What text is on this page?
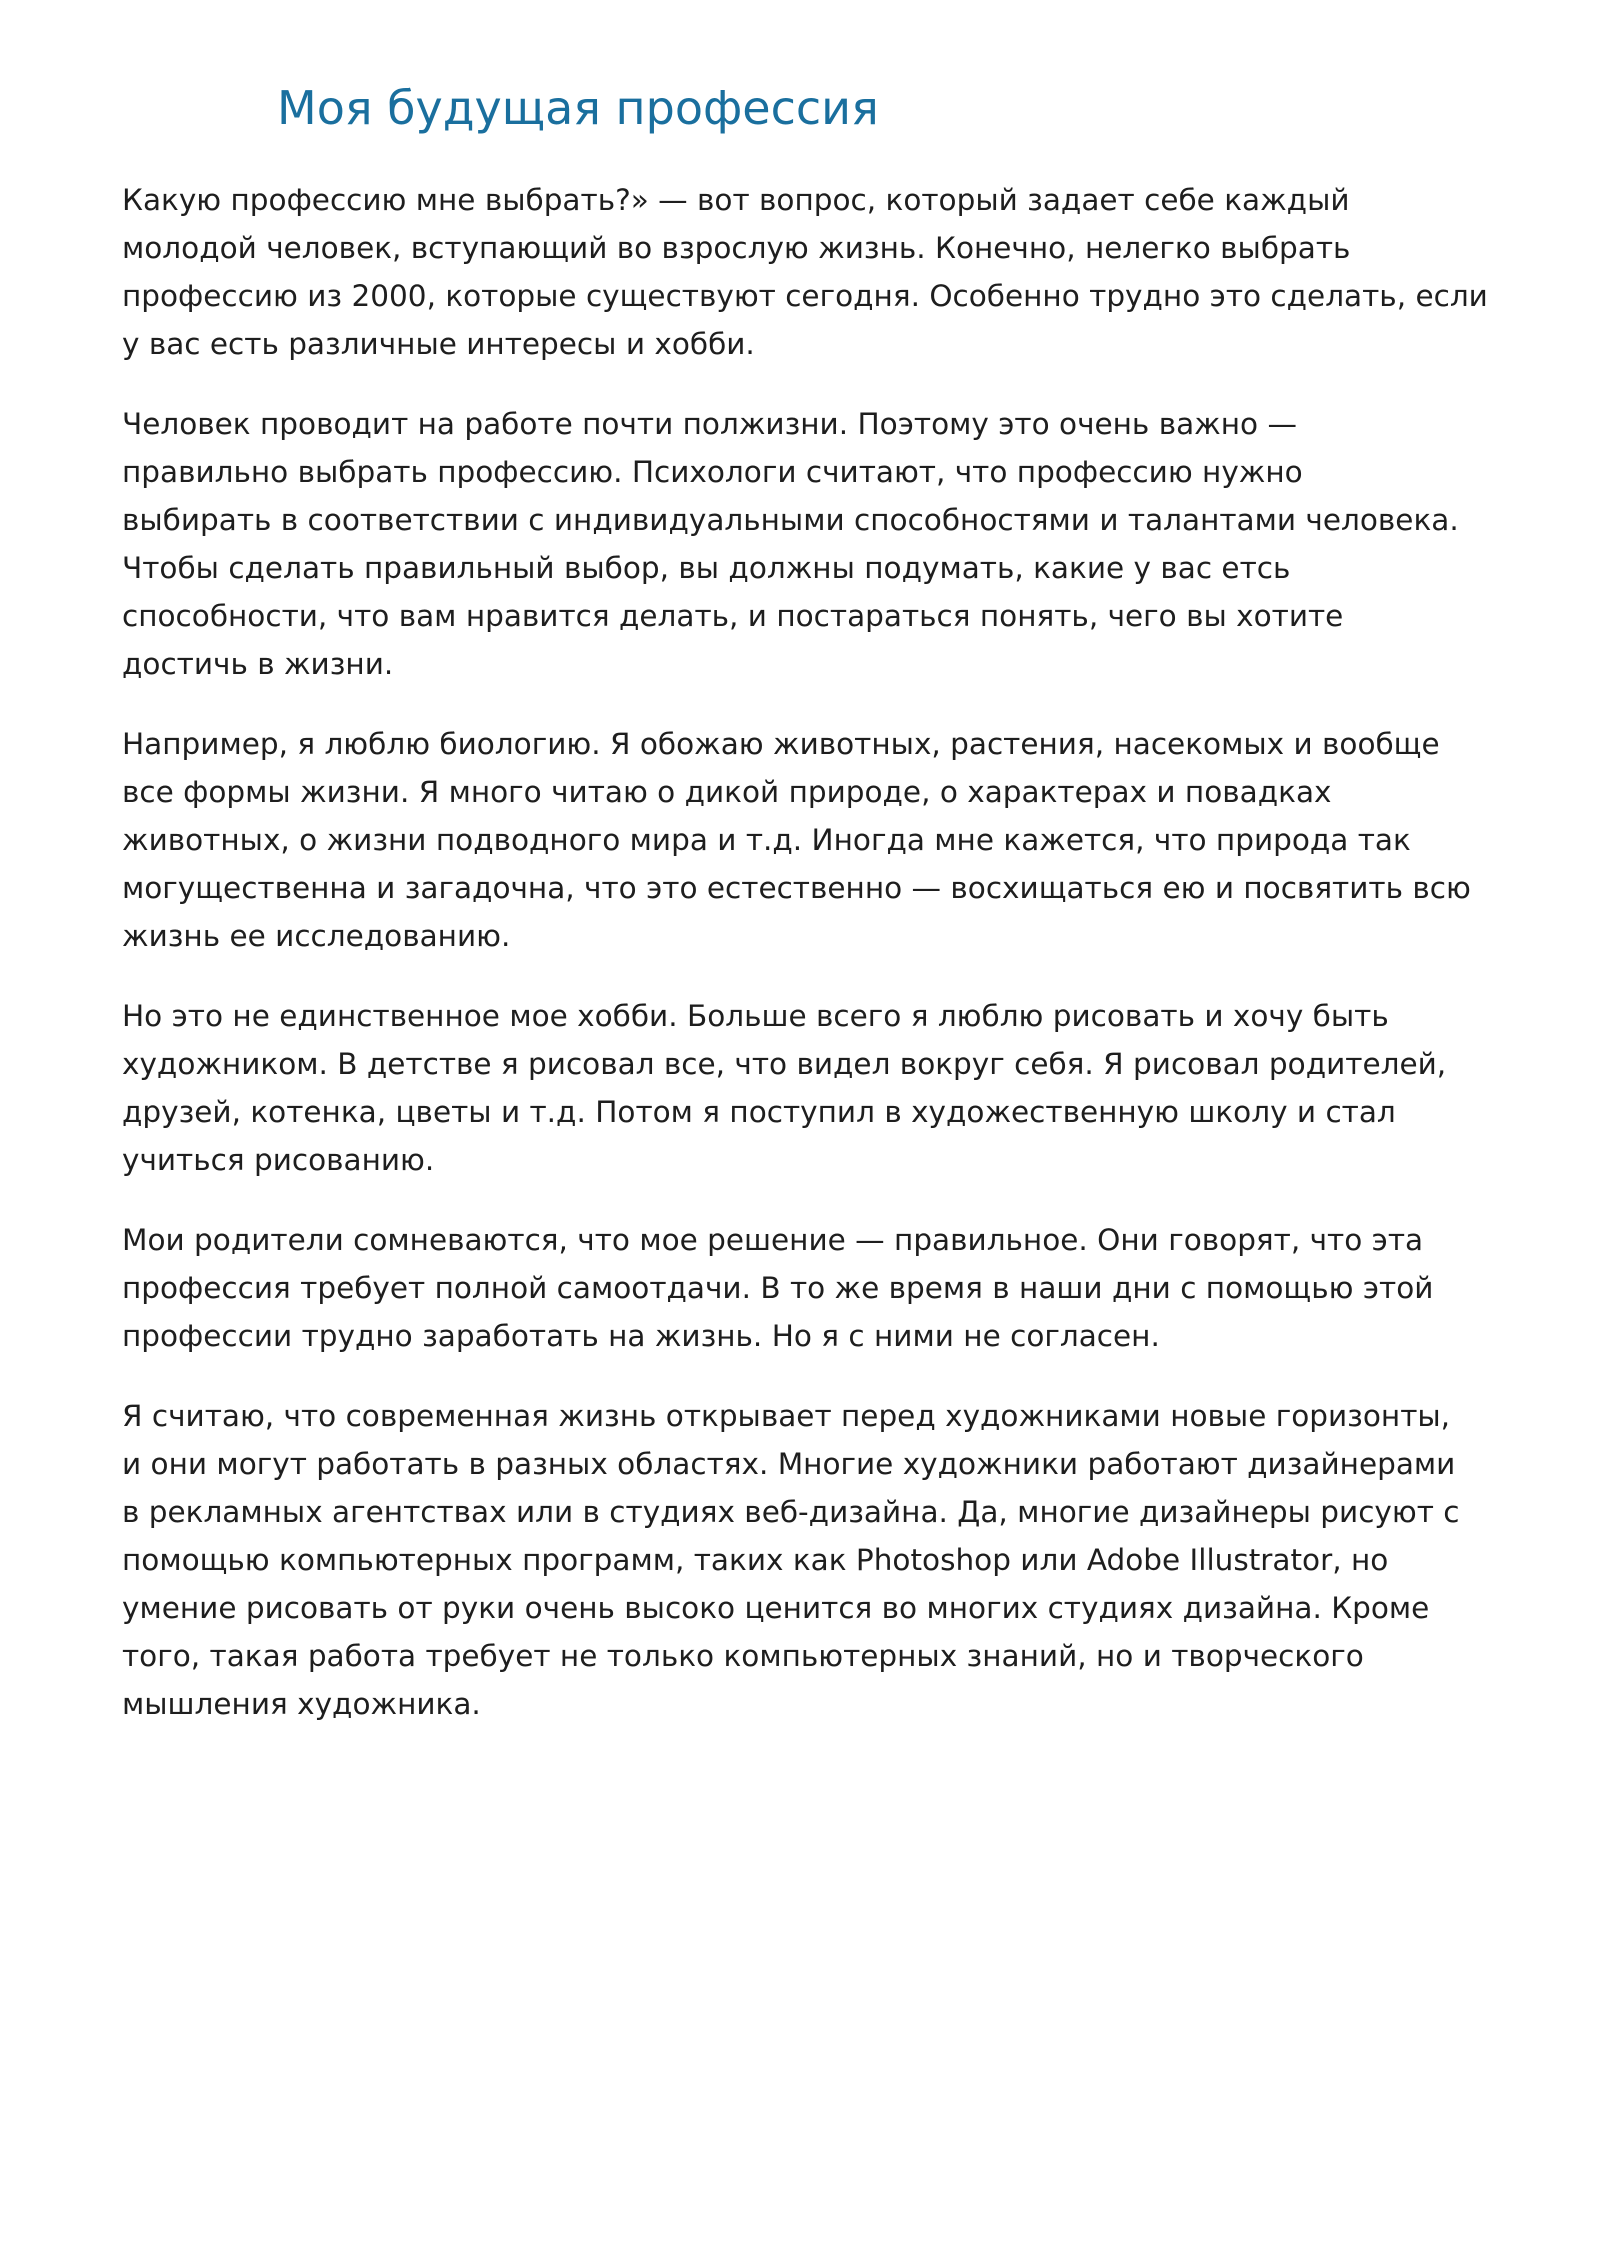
Моя будущая профессия

Какую профессию мне выбрать?» — вот вопрос, который задает себе каждый
молодой человек, вступающий во взрослую жизнь. Конечно, нелегко выбрать
профессию из 2000, которые существуют сегодня. Особенно трудно это сделать, если
у вас есть различные интересы и хобби.

Человек проводит на работе почти полжизни. Поэтому это очень важно —
правильно выбрать профессию. Психологи считают, что профессию нужно
выбирать в соответствии с индивидуальными способностями и талантами человека.
Чтобы сделать правильный выбор, вы должны подумать, какие у вас етсь
способности, что вам нравится делать, и постараться понять, чего вы хотите
достичь в жизни.

Например, я люблю биологию. Я обожаю животных, растения, насекомых и вообще
все формы жизни. Я много читаю о дикой природе, о характерах и повадках
животных, о жизни подводного мира и т.д. Иногда мне кажется, что природа так
могущественна и загадочна, что это естественно — восхищаться ею и посвятить всю
жизнь ее исследованию.

Но это не единственное мое хобби. Больше всего я люблю рисовать и хочу быть
художником. В детстве я рисовал все, что видел вокруг себя. Я рисовал родителей,
друзей, котенка, цветы и т.д. Потом я поступил в художественную школу и стал
учиться рисованию.

Мои родители сомневаются, что мое решение — правильное. Они говорят, что эта
профессия требует полной самоотдачи. В то же время в наши дни с помощью этой
профессии трудно заработать на жизнь. Но я с ними не согласен.

Я считаю, что современная жизнь открывает перед художниками новые горизонты,
и они могут работать в разных областях. Многие художники работают дизайнерами
в рекламных агентствах или в студиях веб-дизайна. Да, многие дизайнеры рисуют с
помощью компьютерных программ, таких как Photoshop или Adobe Illustrator, но
умение рисовать от руки очень высоко ценится во многих студиях дизайна. Кроме
того, такая работа требует не только компьютерных знаний, но и творческого
мышления художника.
